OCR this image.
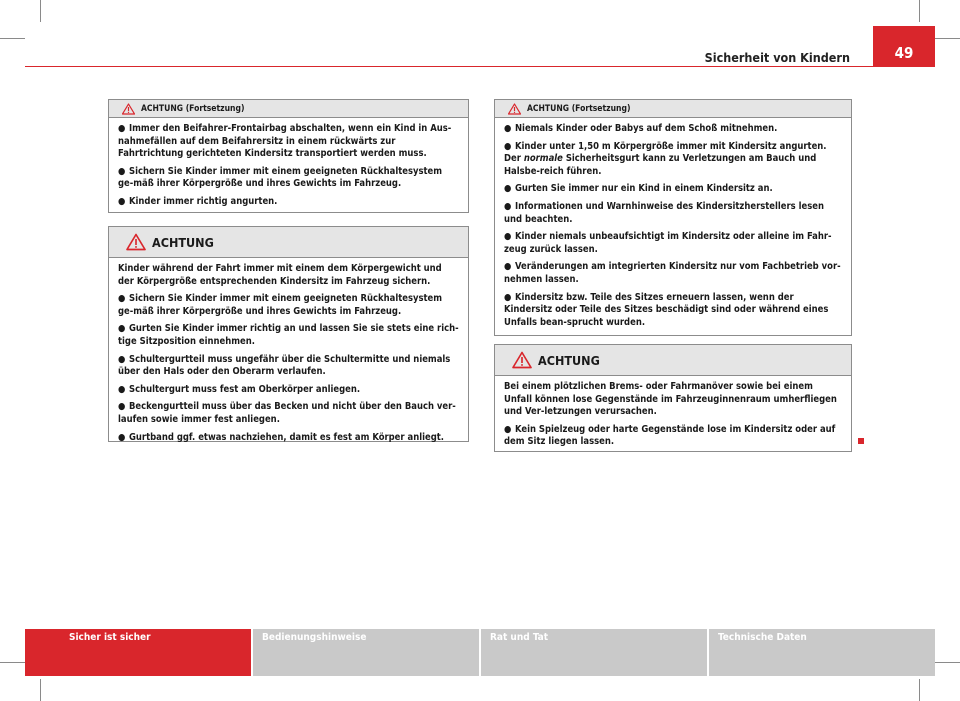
Sicherheit von Kindern	49
ACHTUNG (Fortsetzung)

● Immer den Beifahrer-Frontairbag abschalten, wenn ein Kind in Aus-nahmefällen auf dem Beifahrersitz in einem rückwärts zur Fahrtrichtung gerichteten Kindersitz transportiert werden muss.

● Sichern Sie Kinder immer mit einem geeigneten Rückhaltesystem ge-mäß ihrer Körpergröße und ihres Gewichts im Fahrzeug.

● Kinder immer richtig angurten.

ACHTUNG

Kinder während der Fahrt immer mit einem dem Körpergewicht und der Körpergröße entsprechenden Kindersitz im Fahrzeug sichern.

● Sichern Sie Kinder immer mit einem geeigneten Rückhaltesystem ge-mäß ihrer Körpergröße und ihres Gewichts im Fahrzeug.

● Gurten Sie Kinder immer richtig an und lassen Sie sie stets eine rich-tige Sitzposition einnehmen.

● Schultergurtteil muss ungefähr über die Schultermitte und niemals über den Hals oder den Oberarm verlaufen.

● Schultergurt muss fest am Oberkörper anliegen.

● Beckengurtteil muss über das Becken und nicht über den Bauch ver-laufen sowie immer fest anliegen.

● Gurtband ggf. etwas nachziehen, damit es fest am Körper anliegt.

ACHTUNG (Fortsetzung)

● Niemals Kinder oder Babys auf dem Schoß mitnehmen.

● Kinder unter 1,50 m Körpergröße immer mit Kindersitz angurten. Der normale Sicherheitsgurt kann zu Verletzungen am Bauch und Halsbe-reich führen.

● Gurten Sie immer nur ein Kind in einem Kindersitz an.

● Informationen und Warnhinweise des Kindersitzherstellers lesen und beachten.

● Kinder niemals unbeaufsichtigt im Kindersitz oder alleine im Fahr-zeug zurück lassen.

● Veränderungen am integrierten Kindersitz nur vom Fachbetrieb vor-nehmen lassen.

● Kindersitz bzw. Teile des Sitzes erneuern lassen, wenn der Kindersitz oder Teile des Sitzes beschädigt sind oder während eines Unfalls bean-sprucht wurden.

ACHTUNG

Bei einem plötzlichen Brems- oder Fahrmanöver sowie bei einem Unfall können lose Gegenstände im Fahrzeuginnenraum umherfliegen und Ver-letzungen verursachen.

● Kein Spielzeug oder harte Gegenstände lose im Kindersitz oder auf dem Sitz liegen lassen.

Sicher ist sicher	Bedienungshinweise	Rat und Tat	Technische Daten
